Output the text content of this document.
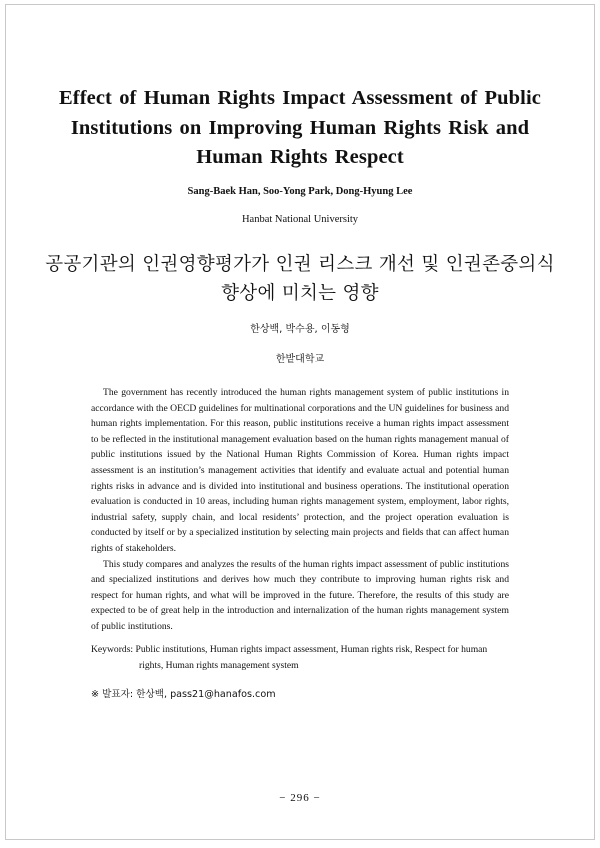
Effect of Human Rights Impact Assessment of Public Institutions on Improving Human Rights Risk and Human Rights Respect
Sang-Baek Han, Soo-Yong Park, Dong-Hyung Lee
Hanbat National University
공공기관의 인권영향평가가 인권 리스크 개선 및 인권존중의식 향상에 미치는 영향
한상백, 박수용, 이동형
한밭대학교

The government has recently introduced the human rights management system of public institutions in accordance with the OECD guidelines for multinational corporations and the UN guidelines for business and human rights implementation. For this reason, public institutions receive a human rights impact assessment to be reflected in the institutional management evaluation based on the human rights management manual of public institutions issued by the National Human Rights Commission of Korea. Human rights impact assessment is an institution’s management activities that identify and evaluate actual and potential human rights risks in advance and is divided into institutional and business operations. The institutional operation evaluation is conducted in 10 areas, including human rights management system, employment, labor rights, industrial safety, supply chain, and local residents’ protection, and the project operation evaluation is conducted by itself or by a specialized institution by selecting main projects and fields that can affect human rights of stakeholders.

This study compares and analyzes the results of the human rights impact assessment of public institutions and specialized institutions and derives how much they contribute to improving human rights risk and respect for human rights, and what will be improved in the future. Therefore, the results of this study are expected to be of great help in the introduction and internalization of the human rights management system of public institutions.

Keywords: Public institutions, Human rights impact assessment, Human rights risk, Respect for human rights, Human rights management system
※ 발표자: 한상백, pass21@hanafos.com
− 296 −
